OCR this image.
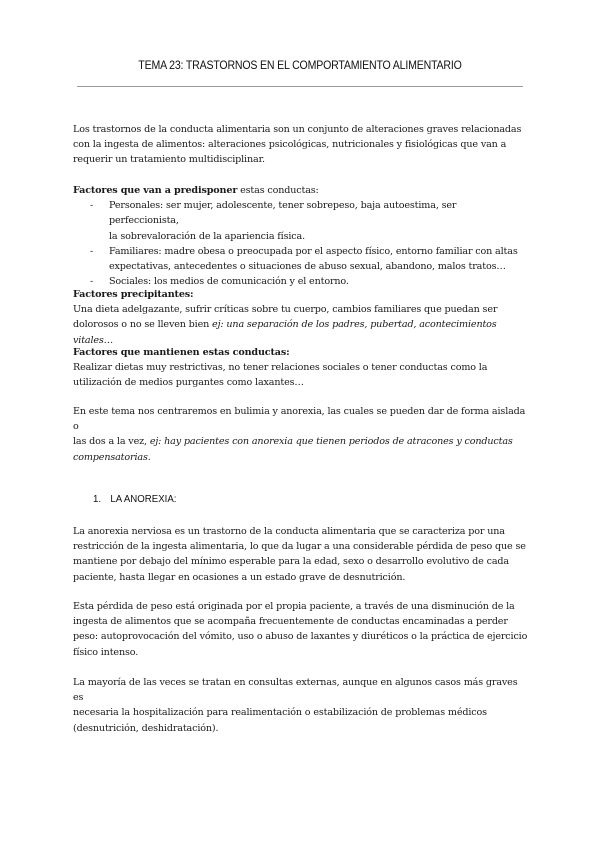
TEMA 23: TRASTORNOS EN EL COMPORTAMIENTO ALIMENTARIO

Los trastornos de la conducta alimentaria son un conjunto de alteraciones graves relacionadas

con la ingesta de alimentos: alteraciones psicológicas, nutricionales y fisiológicas que van a

requerir un tratamiento multidisciplinar.

Factores que van a predisponer estas conductas:

- Personales: ser mujer, adolescente, tener sobrepeso, baja autoestima, ser perfeccionista,
la sobrevaloración de la apariencia física.
- Familiares: madre obesa o preocupada por el aspecto físico, entorno familiar con altas
expectativas, antecedentes o situaciones de abuso sexual, abandono, malos tratos…
- Sociales: los medios de comunicación y el entorno.

Factores precipitantes:

Una dieta adelgazante, sufrir críticas sobre tu cuerpo, cambios familiares que puedan ser

dolorosos o no se lleven bien ej: una separación de los padres, pubertad, acontecimientos vitales…

Factores que mantienen estas conductas:

Realizar dietas muy restrictivas, no tener relaciones sociales o tener conductas como la

utilización de medios purgantes como laxantes…

En este tema nos centraremos en bulimia y anorexia, las cuales se pueden dar de forma aislada o

las dos a la vez, ej: hay pacientes con anorexia que tienen periodos de atracones y conductas

compensatorias.

1. LA ANOREXIA:

La anorexia nerviosa es un trastorno de la conducta alimentaria que se caracteriza por una

restricción de la ingesta alimentaria, lo que da lugar a una considerable pérdida de peso que se

mantiene por debajo del mínimo esperable para la edad, sexo o desarrollo evolutivo de cada

paciente, hasta llegar en ocasiones a un estado grave de desnutrición.

Esta pérdida de peso está originada por el propia paciente, a través de una disminución de la

ingesta de alimentos que se acompaña frecuentemente de conductas encaminadas a perder

peso: autoprovocación del vómito, uso o abuso de laxantes y diuréticos o la práctica de ejercicio

físico intenso.

La mayoría de las veces se tratan en consultas externas, aunque en algunos casos más graves es

necesaria la hospitalización para realimentación o estabilización de problemas médicos

(desnutrición, deshidratación).
